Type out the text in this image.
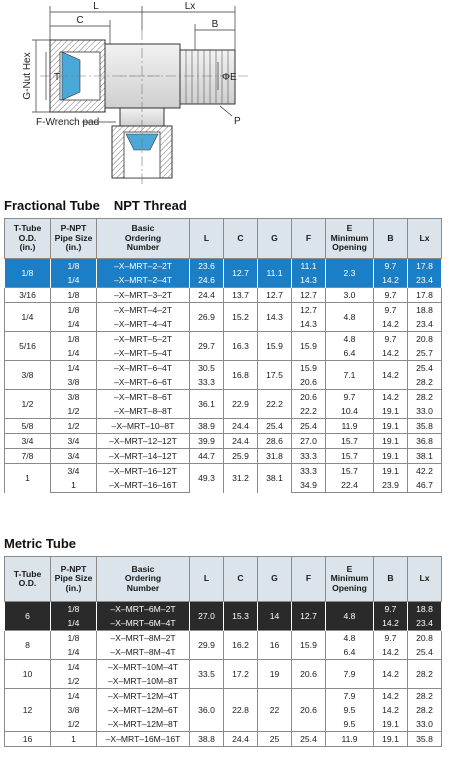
L	Lx
C	B
T	ΦE
P
G-Nut Hex
F-Wrench pad
Fractional Tube NPT Thread
T-Tube
O.D.
(in.)	P-NPT
Pipe Size
(in.)	Basic
Ordering
Number	L	C	G	F	E
Minimum
Opening	B	Lx
1/8	1/8	–X–MRT–2–2T	23.6	12.7	11.1	11.1	2.3	9.7	17.8
	1/4	–X–MRT–2–4T	24.6			14.3		14.2	23.4
3/16	1/8	–X–MRT–3–2T	24.4	13.7	12.7	12.7	3.0	9.7	17.8
1/4	1/8	–X–MRT–4–2T	26.9	15.2	14.3	12.7	4.8	9.7	18.8
	1/4	–X–MRT–4–4T				14.3		14.2	23.4
5/16	1/8	–X–MRT–5–2T	29.7	16.3	15.9	15.9	4.8	9.7	20.8
	1/4	–X–MRT–5–4T					6.4	14.2	25.7
3/8	1/4	–X–MRT–6–4T	30.5	16.8	17.5	15.9	7.1	14.2	25.4
	3/8	–X–MRT–6–6T	33.3			20.6			28.2
1/2	3/8	–X–MRT–8–6T	36.1	22.9	22.2	20.6	9.7	14.2	28.2
	1/2	–X–MRT–8–8T				22.2	10.4	19.1	33.0
5/8	1/2	–X–MRT–10–8T	38.9	24.4	25.4	25.4	11.9	19.1	35.8
3/4	3/4	–X–MRT–12–12T	39.9	24.4	28.6	27.0	15.7	19.1	36.8
7/8	3/4	–X–MRT–14–12T	44.7	25.9	31.8	33.3	15.7	19.1	38.1
1	3/4	–X–MRT–16–12T	49.3	31.2	38.1	33.3	15.7	19.1	42.2
	1	–X–MRT–16–16T				34.9	22.4	23.9	46.7
Metric Tube
T-Tube
O.D.	P-NPT
Pipe Size
(in.)	Basic
Ordering
Number	L	C	G	F	E
Minimum
Opening	B	Lx
6	1/8	–X–MRT–6M–2T	27.0	15.3	14	12.7	4.8	9.7	18.8
	1/4	–X–MRT–6M–4T						14.2	23.4
8	1/8	–X–MRT–8M–2T	29.9	16.2	16	15.9	4.8	9.7	20.8
	1/4	–X–MRT–8M–4T					6.4	14.2	25.4
10	1/4	–X–MRT–10M–4T	33.5	17.2	19	20.6	7.9	14.2	28.2
	1/2	–X–MRT–10M–8T							
12	1/4	–X–MRT–12M–4T	36.0	22.8	22	20.6	7.9	14.2	28.2
	3/8	–X–MRT–12M–6T					9.5	14.2	28.2
	1/2	–X–MRT–12M–8T					9.5	19.1	33.0
16	1	–X–MRT–16M–16T	38.8	24.4	25	25.4	11.9	19.1	35.8
